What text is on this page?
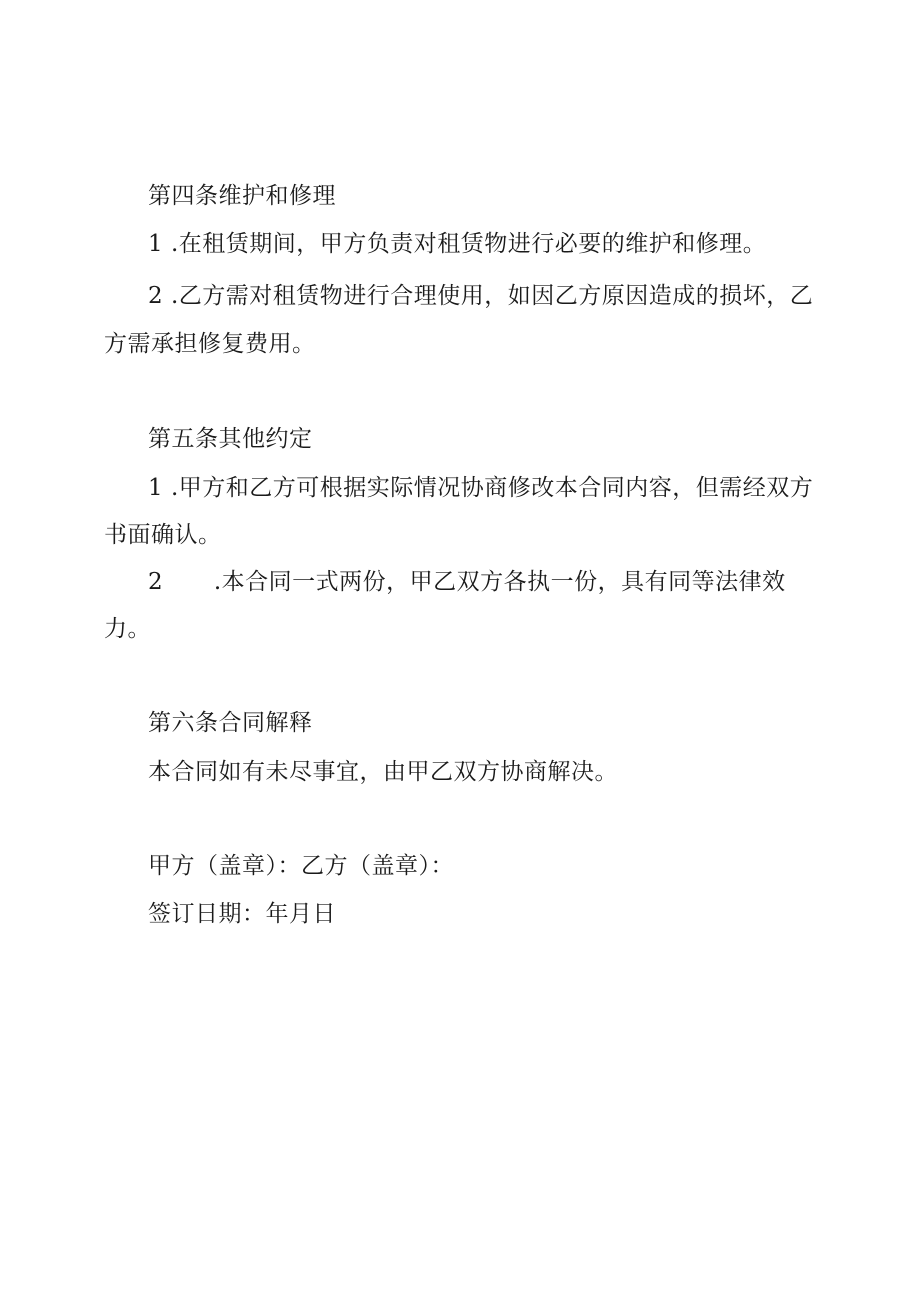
第四条维护和修理
1 .在租赁期间，甲方负责对租赁物进行必要的维护和修理。
2 .乙方需对租赁物进行合理使用，如因乙方原因造成的损坏，乙
方需承担修复费用。
第五条其他约定
1 .甲方和乙方可根据实际情况协商修改本合同内容，但需经双方
书面确认。
2 .本合同一式两份，甲乙双方各执一份，具有同等法律效
力。
第六条合同解释
本合同如有未尽事宜，由甲乙双方协商解决。
甲方（盖章）：乙方（盖章）：
签订日期：年月日
